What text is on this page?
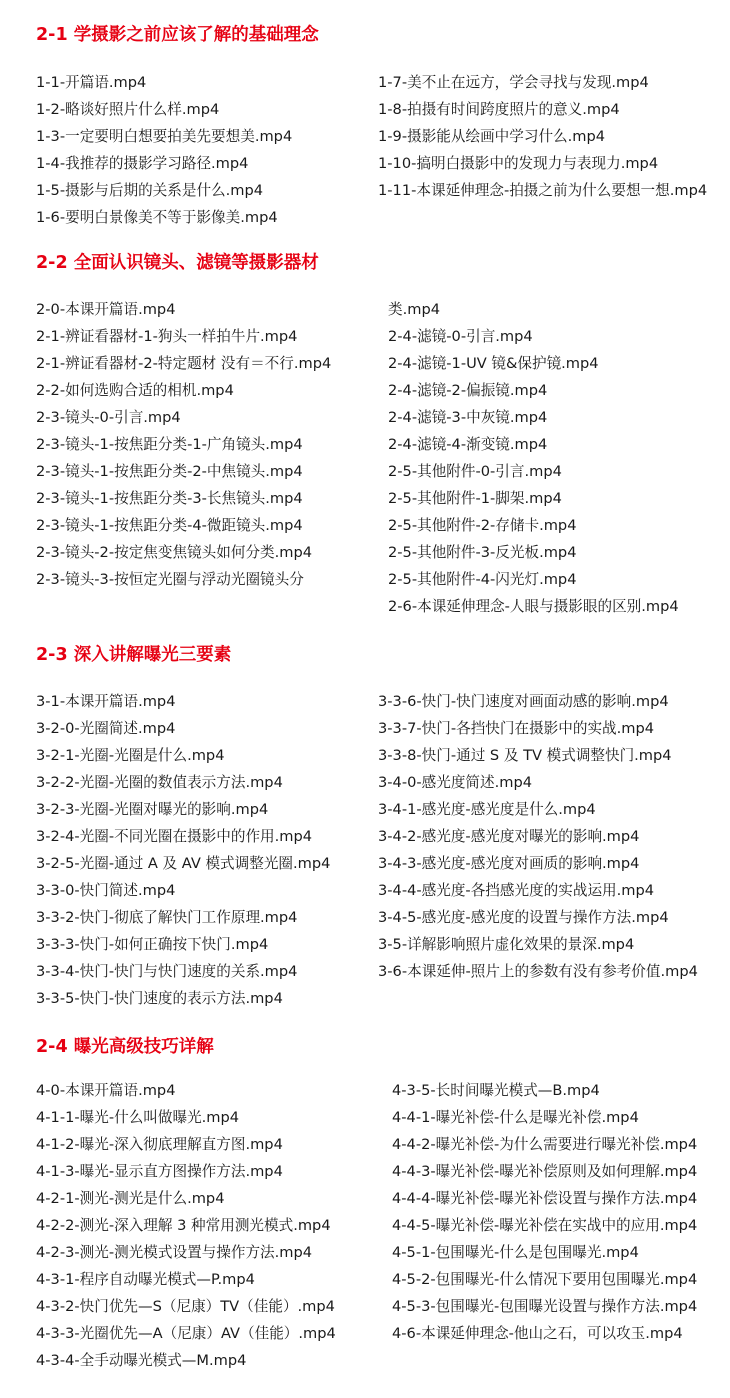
2-1 学摄影之前应该了解的基础理念
1-1-开篇语.mp4
1-2-略谈好照片什么样.mp4
1-3-一定要明白想要拍美先要想美.mp4
1-4-我推荐的摄影学习路径.mp4
1-5-摄影与后期的关系是什么.mp4
1-6-要明白景像美不等于影像美.mp4
1-7-美不止在远方，学会寻找与发现.mp4
1-8-拍摄有时间跨度照片的意义.mp4
1-9-摄影能从绘画中学习什么.mp4
1-10-搞明白摄影中的发现力与表现力.mp4
1-11-本课延伸理念-拍摄之前为什么要想一想.mp4
2-2 全面认识镜头、滤镜等摄影器材
2-0-本课开篇语.mp4
2-1-辨证看器材-1-狗头一样拍牛片.mp4
2-1-辨证看器材-2-特定题材 没有＝不行.mp4
2-2-如何选购合适的相机.mp4
2-3-镜头-0-引言.mp4
2-3-镜头-1-按焦距分类-1-广角镜头.mp4
2-3-镜头-1-按焦距分类-2-中焦镜头.mp4
2-3-镜头-1-按焦距分类-3-长焦镜头.mp4
2-3-镜头-1-按焦距分类-4-微距镜头.mp4
2-3-镜头-2-按定焦变焦镜头如何分类.mp4
2-3-镜头-3-按恒定光圈与浮动光圈镜头分
类.mp4
2-4-滤镜-0-引言.mp4
2-4-滤镜-1-UV 镜&保护镜.mp4
2-4-滤镜-2-偏振镜.mp4
2-4-滤镜-3-中灰镜.mp4
2-4-滤镜-4-渐变镜.mp4
2-5-其他附件-0-引言.mp4
2-5-其他附件-1-脚架.mp4
2-5-其他附件-2-存储卡.mp4
2-5-其他附件-3-反光板.mp4
2-5-其他附件-4-闪光灯.mp4
2-6-本课延伸理念-人眼与摄影眼的区别.mp4
2-3 深入讲解曝光三要素
3-1-本课开篇语.mp4
3-2-0-光圈简述.mp4
3-2-1-光圈-光圈是什么.mp4
3-2-2-光圈-光圈的数值表示方法.mp4
3-2-3-光圈-光圈对曝光的影响.mp4
3-2-4-光圈-不同光圈在摄影中的作用.mp4
3-2-5-光圈-通过 A 及 AV 模式调整光圈.mp4
3-3-0-快门简述.mp4
3-3-2-快门-彻底了解快门工作原理.mp4
3-3-3-快门-如何正确按下快门.mp4
3-3-4-快门-快门与快门速度的关系.mp4
3-3-5-快门-快门速度的表示方法.mp4
3-3-6-快门-快门速度对画面动感的影响.mp4
3-3-7-快门-各挡快门在摄影中的实战.mp4
3-3-8-快门-通过 S 及 TV 模式调整快门.mp4
3-4-0-感光度简述.mp4
3-4-1-感光度-感光度是什么.mp4
3-4-2-感光度-感光度对曝光的影响.mp4
3-4-3-感光度-感光度对画质的影响.mp4
3-4-4-感光度-各挡感光度的实战运用.mp4
3-4-5-感光度-感光度的设置与操作方法.mp4
3-5-详解影响照片虚化效果的景深.mp4
3-6-本课延伸-照片上的参数有没有参考价值.mp4
2-4 曝光高级技巧详解
4-0-本课开篇语.mp4
4-1-1-曝光-什么叫做曝光.mp4
4-1-2-曝光-深入彻底理解直方图.mp4
4-1-3-曝光-显示直方图操作方法.mp4
4-2-1-测光-测光是什么.mp4
4-2-2-测光-深入理解 3 种常用测光模式.mp4
4-2-3-测光-测光模式设置与操作方法.mp4
4-3-1-程序自动曝光模式—P.mp4
4-3-2-快门优先—S（尼康）TV（佳能）.mp4
4-3-3-光圈优先—A（尼康）AV（佳能）.mp4
4-3-4-全手动曝光模式—M.mp4
4-3-5-长时间曝光模式—B.mp4
4-4-1-曝光补偿-什么是曝光补偿.mp4
4-4-2-曝光补偿-为什么需要进行曝光补偿.mp4
4-4-3-曝光补偿-曝光补偿原则及如何理解.mp4
4-4-4-曝光补偿-曝光补偿设置与操作方法.mp4
4-4-5-曝光补偿-曝光补偿在实战中的应用.mp4
4-5-1-包围曝光-什么是包围曝光.mp4
4-5-2-包围曝光-什么情况下要用包围曝光.mp4
4-5-3-包围曝光-包围曝光设置与操作方法.mp4
4-6-本课延伸理念-他山之石，可以攻玉.mp4
